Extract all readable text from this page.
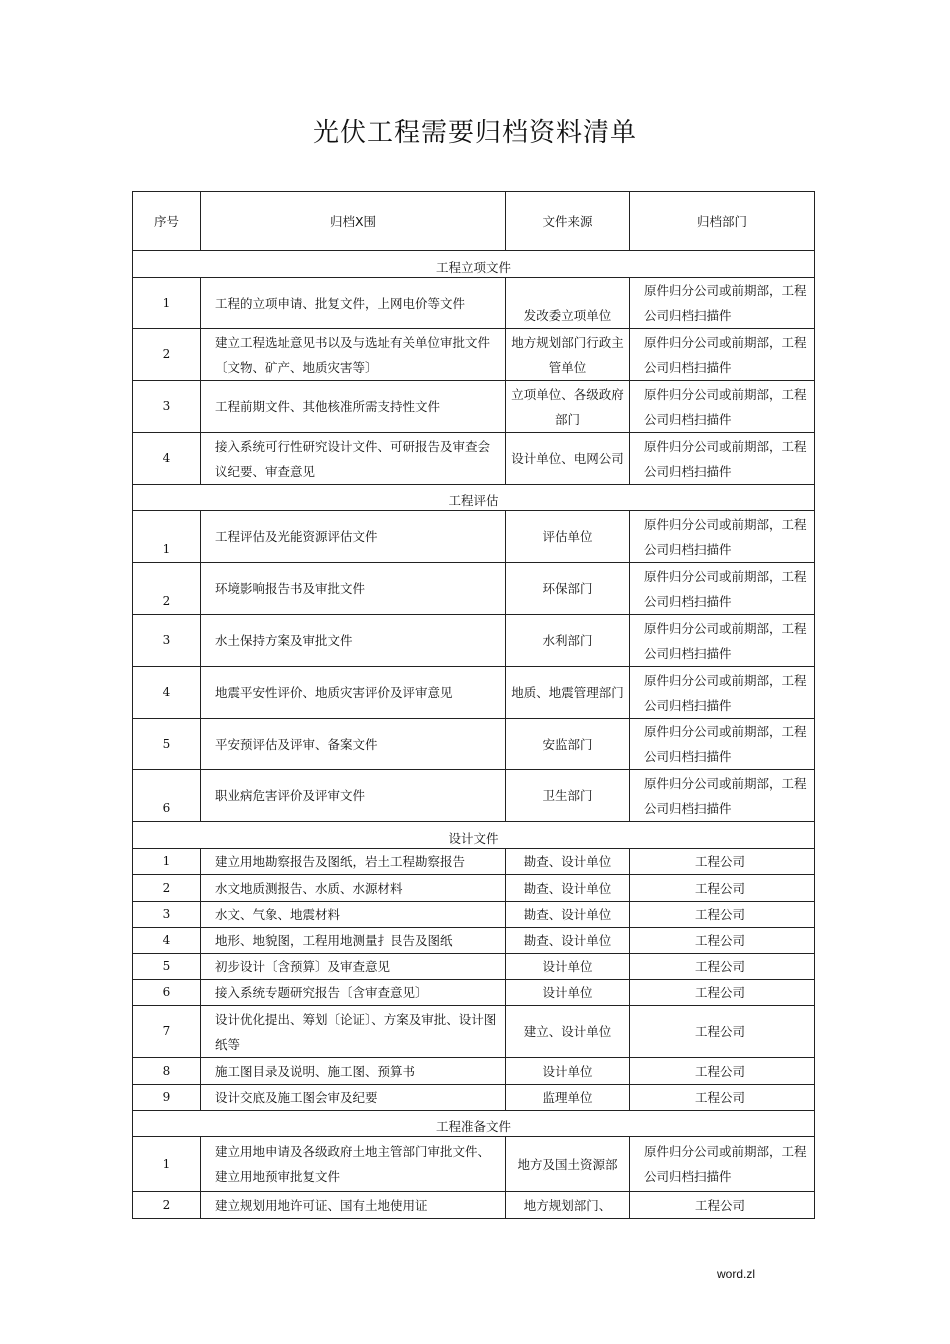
光伏工程需要归档资料清单
序号	归档X围	文件来源	归档部门
工程立项文件			
1	工程的立项申请、批复文件，上网电价等文件	发改委立项单位	原件归分公司或前期部，工程公司归档扫描件
2	建立工程选址意见书以及与选址有关单位审批文件〔文物、矿产、地质灾害等〕	地方规划部门行政主管单位	原件归分公司或前期部，工程公司归档扫描件
3	工程前期文件、其他核准所需支持性文件	立项单位、各级政府部门	原件归分公司或前期部，工程公司归档扫描件
4	接入系统可行性研究设计文件、可研报告及审查会议纪要、审查意见	设计单位、电网公司	原件归分公司或前期部，工程公司归档扫描件
工程评估			
1	工程评估及光能资源评估文件	评估单位	原件归分公司或前期部，工程公司归档扫描件
2	环境影响报告书及审批文件	环保部门	原件归分公司或前期部，工程公司归档扫描件
3	水土保持方案及审批文件	水利部门	原件归分公司或前期部，工程公司归档扫描件
4	地震平安性评价、地质灾害评价及评审意见	地质、地震管理部门	原件归分公司或前期部，工程公司归档扫描件
5	平安预评估及评审、备案文件	安监部门	原件归分公司或前期部，工程公司归档扫描件
6	职业病危害评价及评审文件	卫生部门	原件归分公司或前期部，工程公司归档扫描件
设计文件			
1	建立用地勘察报告及图纸，岩土工程勘察报告	勘查、设计单位	工程公司
2	水文地质测报告、水质、水源材料	勘查、设计单位	工程公司
3	水文、气象、地震材料	勘查、设计单位	工程公司
4	地形、地貌图，工程用地测量扌艮告及图纸	勘查、设计单位	工程公司
5	初步设计〔含预算〕及审查意见	设计单位	工程公司
6	接入系统专题研究报告〔含审查意见〕	设计单位	工程公司
7	设计优化提出、筹划〔论证〕、方案及审批、设计图纸等	建立、设计单位	工程公司
8	施工图目录及说明、施工图、预算书	设计单位	工程公司
9	设计交底及施工图会审及纪要	监理单位	工程公司
工程准备文件			
1	建立用地申请及各级政府土地主管部门审批文件、建立用地预审批复文件	地方及国土资源部	原件归分公司或前期部，工程公司归档扫描件
2	建立规划用地许可证、国有土地使用证	地方规划部门、	工程公司
word.zl
